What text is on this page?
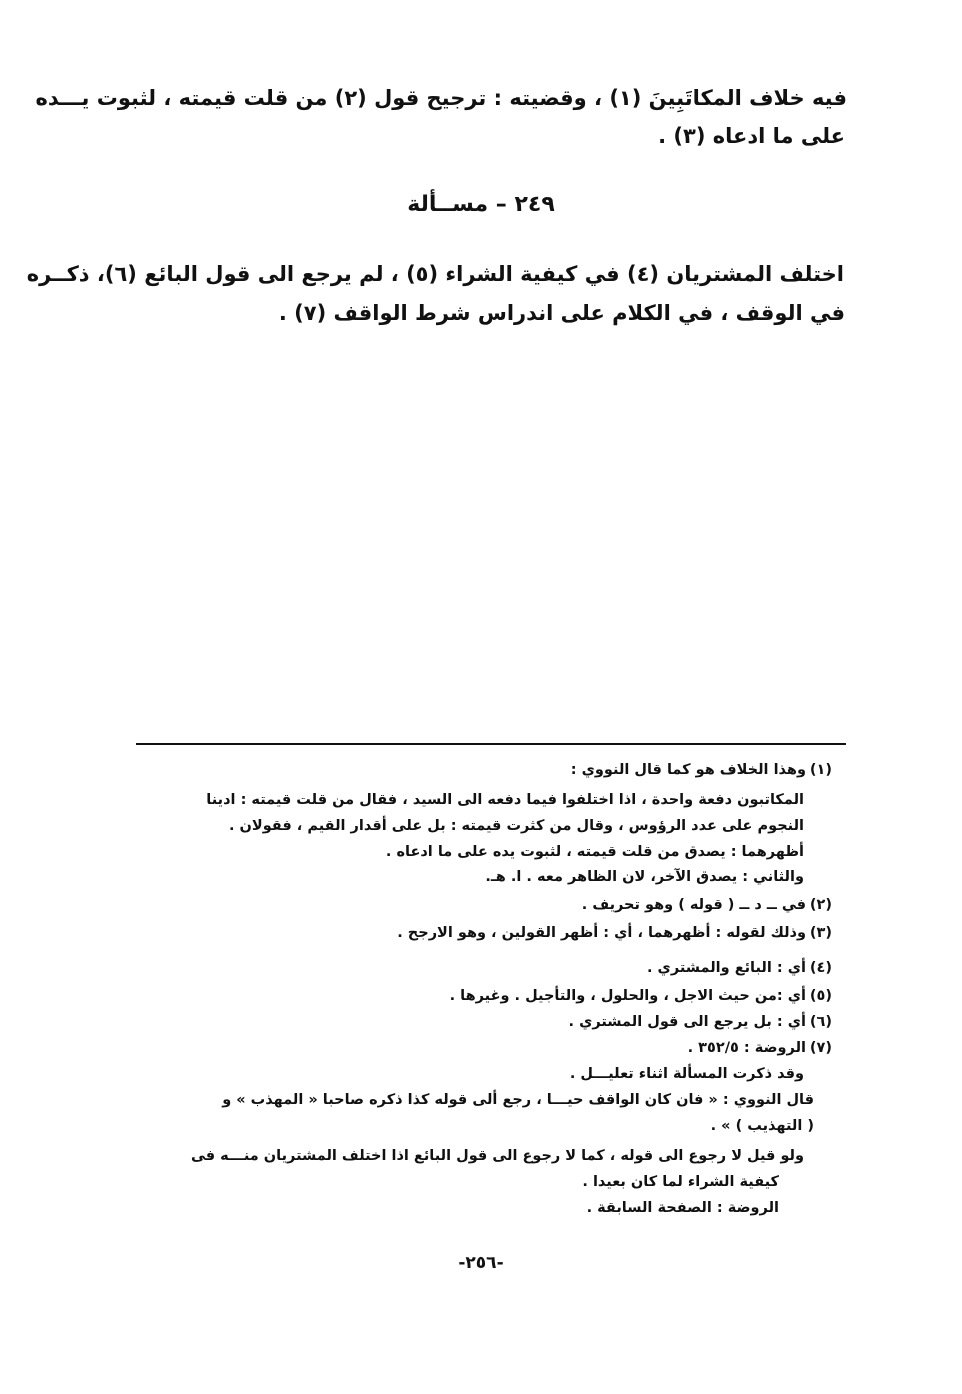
فيه خلاف المكاتَبِينَ (١) ، وقضيته : ترجيح قول (٢) من قلت قيمته ، لثبوت يـــده
على ما ادعاه (٣) .
٢٤٩ – مســألة
اختلف المشتريان (٤) في كيفية الشراء (٥) ، لم يرجع الى قول البائع (٦)، ذكــره
في الوقف ، في الكلام على اندراس شرط الواقف (٧) .
(١)وهذا الخلاف هو كما قال النووي :
المكاتبون دفعة واحدة ، اذا اختلفوا فيما دفعه الى السيد ، فقال من قلت قيمته : ادينا
النجوم على عدد الرؤوس ، وقال من كثرت قيمته : بل على أقدار القيم ، فقولان .
أظهرهما : يصدق من قلت قيمته ، لثبوت يده على ما ادعاه .
والثاني : يصدق الآخر، لان الظاهر معه . ا. هـ.
(٢)في ــ د ــ ( قوله ) وهو تحريف .
(٣)وذلك لقوله : أظهرهما ، أي : أظهر القولين ، وهو الارجح .
(٤)أي : البائع والمشتري .
(٥)أي :من حيث الاجل ، والحلول ، والتأجيل . وغيرها .
(٦)أي : بل يرجع الى قول المشتري .
(٧)الروضة : ٣٥٢/٥ .
وقد ذكرت المسألة اثناء تعليـــل .
قال النووي : « فان كان الواقف حيـــا ، رجع ألى قوله كذا ذكره صاحبا « المهذب » و
( التهذيب ) » .
ولو قيل لا رجوع الى قوله ، كما لا رجوع الى قول البائع اذا اختلف المشتريان منـــه فى
كيفية الشراء لما كان بعيدا .
الروضة : الصفحة السابقة .
-٢٥٦-
